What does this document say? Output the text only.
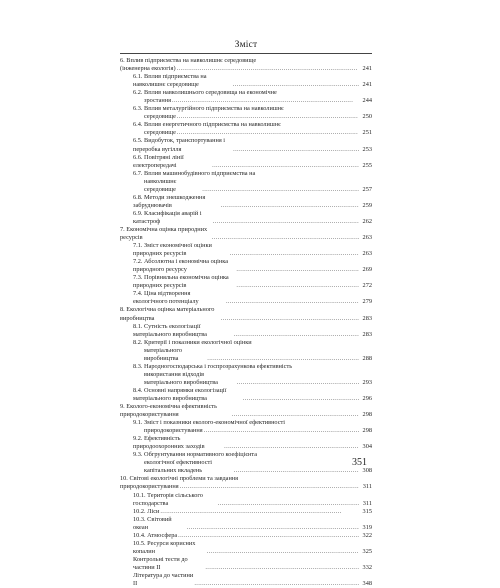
Зміст
6. Вплив підприємства на навколишнє середовище
(інженерна екологія) . . .	241
6.1. Вплив підприємства на навколишнє середовище . . .	241
6.2. Вплив навколишнього середовища на економічне
зростання . . .	244
6.3. Вплив металургійного підприємства на навколишнє
середовище . . .	250
6.4. Вплив енергетичного підприємства на навколишнє
середовище . . .	251
6.5. Видобуток, транспортування і переробка вугілля . . .	253
6.6. Повітряні лінії електропередачі . . .	255
6.7. Вплив машинобудівного підприємства на
навколишнє середовище . . .	257
6.8. Методи знешкодження забруднювачів . . .	259
6.9. Класифікація аварій і катастроф . . .	262
7. Економічна оцінка природних ресурсів . . .	263
7.1. Зміст економічної оцінки природних ресурсів . . .	263
7.2. Абсолютна і економічна оцінка природного ресурсу . . .	269
7.3. Порівняльна економічна оцінка природних ресурсів . . .	272
7.4. Ціна відтворення екологічного потенціалу . . .	279
8. Екологічна оцінка матеріального виробництва . . .	283
8.1. Сутність екологізації матеріального виробництва . . .	283
8.2. Критерії і показники екологічної оцінки
матеріального виробництва . . .	288
8.3. Народногосподарська і госпрозрахункова ефективність
використання відходів матеріального виробництва . . .	293
8.4. Основні напрямки екологізації матеріального виробництва . . .	296
9. Еколого-економічна ефективність природокористування . . .	298
9.1. Зміст і показники еколого-економічної ефективності
природокористування . . .	298
9.2. Ефективність природоохоронних заходів . . .	304
9.3. Обгрунтування нормативного коефіцієнта
екологічної ефективності капітальних вкладень . . .	308
10. Світові екологічні проблеми та завдання
природокористування . . .	311
10.1. Територія сільського господарства . . .	311
10.2. Ліси . . .	315
10.3. Світовий океан . . .	319
10.4. Атмосфера . . .	322
10.5. Ресурси корисних копалин . . .	325
Контрольні тести до частини II . . .	332
Література до частини II . . .	348
351
